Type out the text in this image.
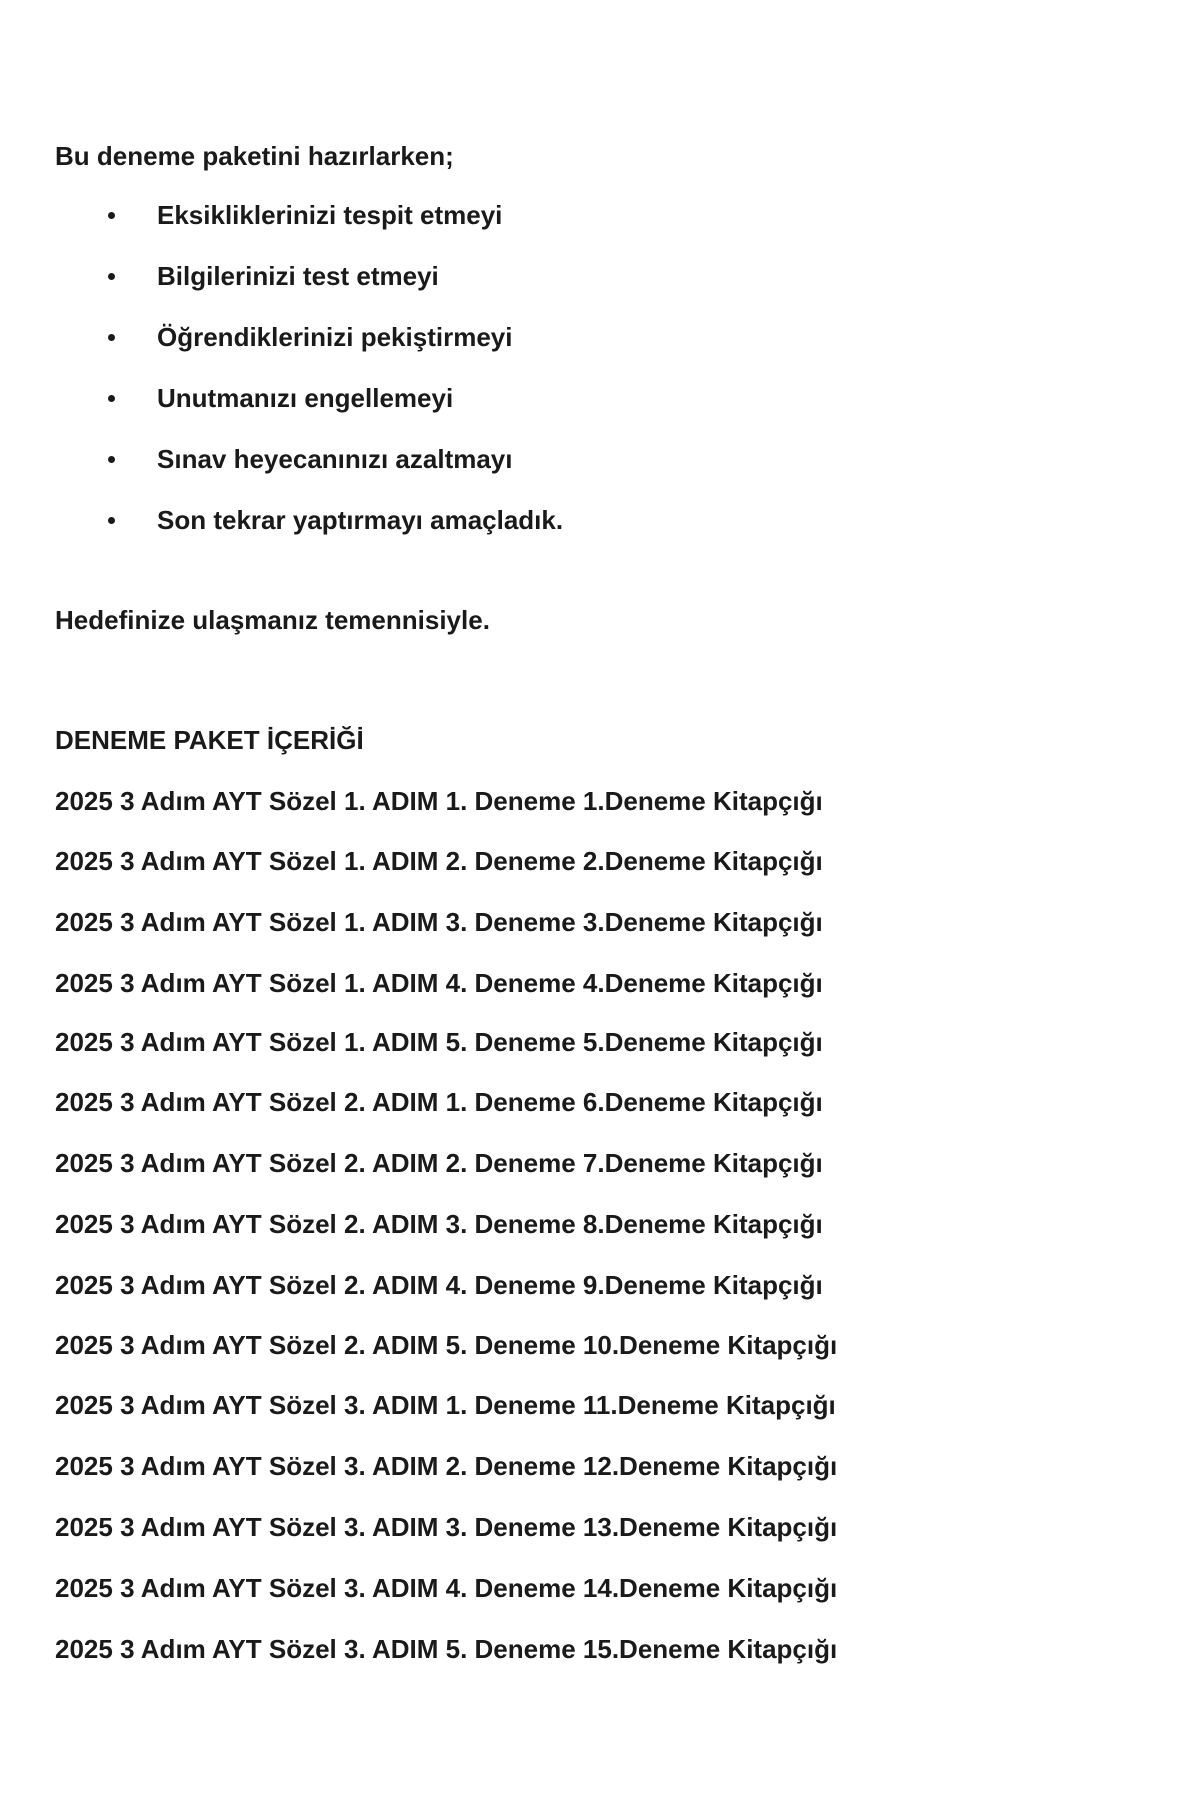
Bu deneme paketini hazırlarken;
Eksikliklerinizi tespit etmeyi
Bilgilerinizi test etmeyi
Öğrendiklerinizi pekiştirmeyi
Unutmanızı engellemeyi
Sınav heyecanınızı azaltmayı
Son tekrar yaptırmayı amaçladık.
Hedefinize ulaşmanız temennisiyle.
DENEME PAKET İÇERİĞİ
2025 3 Adım AYT Sözel 1. ADIM 1. Deneme 1.Deneme Kitapçığı
2025 3 Adım AYT Sözel 1. ADIM 2. Deneme 2.Deneme Kitapçığı
2025 3 Adım AYT Sözel 1. ADIM 3. Deneme 3.Deneme Kitapçığı
2025 3 Adım AYT Sözel 1. ADIM 4. Deneme 4.Deneme Kitapçığı
2025 3 Adım AYT Sözel 1. ADIM 5. Deneme 5.Deneme Kitapçığı
2025 3 Adım AYT Sözel 2. ADIM 1. Deneme 6.Deneme Kitapçığı
2025 3 Adım AYT Sözel 2. ADIM 2. Deneme 7.Deneme Kitapçığı
2025 3 Adım AYT Sözel 2. ADIM 3. Deneme 8.Deneme Kitapçığı
2025 3 Adım AYT Sözel 2. ADIM 4. Deneme 9.Deneme Kitapçığı
2025 3 Adım AYT Sözel 2. ADIM 5. Deneme 10.Deneme Kitapçığı
2025 3 Adım AYT Sözel 3. ADIM 1. Deneme 11.Deneme Kitapçığı
2025 3 Adım AYT Sözel 3. ADIM 2. Deneme 12.Deneme Kitapçığı
2025 3 Adım AYT Sözel 3. ADIM 3. Deneme 13.Deneme Kitapçığı
2025 3 Adım AYT Sözel 3. ADIM 4. Deneme 14.Deneme Kitapçığı
2025 3 Adım AYT Sözel 3. ADIM 5. Deneme 15.Deneme Kitapçığı
